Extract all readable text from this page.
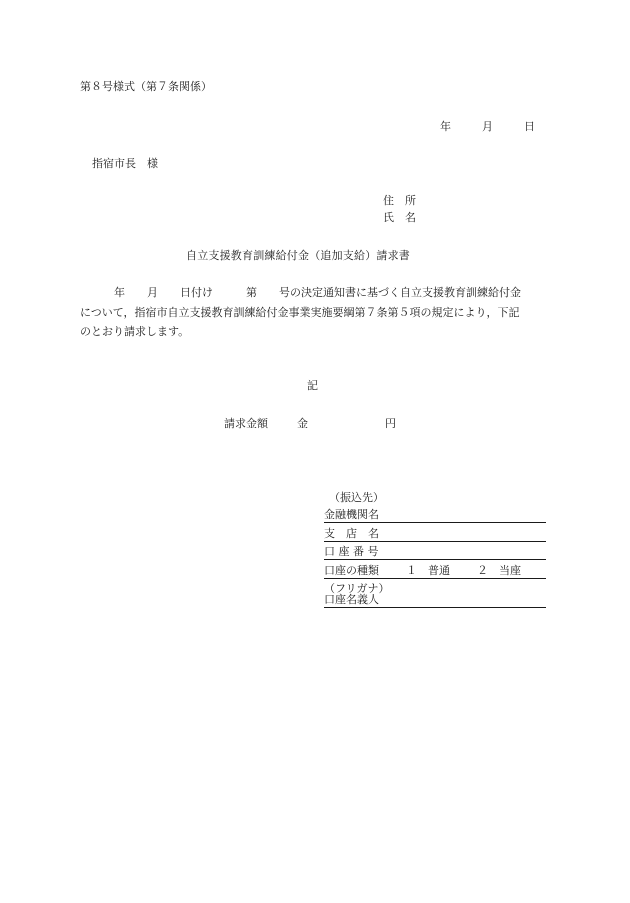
第８号様式（第７条関係）
年	月	日
指宿市長　様
住　所
氏　名
自立支援教育訓練給付金（追加支給）請求書
年　　月　　日付け　　　第　　号の決定通知書に基づく自立支援教育訓練給付金
について，指宿市自立支援教育訓練給付金事業実施要綱第７条第５項の規定により，下記
のとおり請求します。
記
請求金額	金	円
（振込先）
金融機関名
支　店　名
口 座 番 号
口座の種類 １　普通 ２　当座
（フリガナ）
口座名義人
